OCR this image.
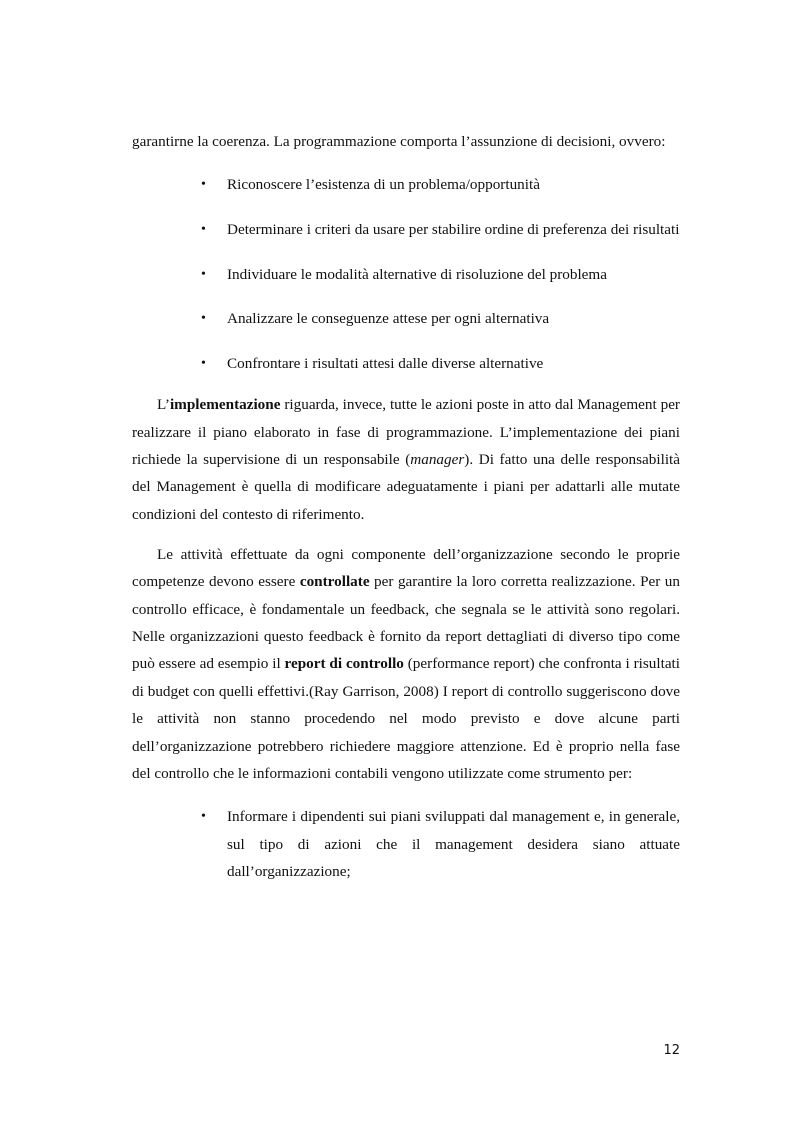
garantirne la coerenza. La programmazione comporta l’assunzione di decisioni, ovvero:

• Riconoscere l’esistenza di un problema/opportunità
• Determinare i criteri da usare per stabilire ordine di preferenza dei risultati
• Individuare le modalità alternative di risoluzione del problema
• Analizzare le conseguenze attese per ogni alternativa
• Confrontare i risultati attesi dalle diverse alternative

L’implementazione riguarda, invece, tutte le azioni poste in atto dal Management per realizzare il piano elaborato in fase di programmazione. L’implementazione dei piani richiede la supervisione di un responsabile (manager). Di fatto una delle responsabilità del Management è quella di modificare adeguatamente i piani per adattarli alle mutate condizioni del contesto di riferimento.

Le attività effettuate da ogni componente dell’organizzazione secondo le proprie competenze devono essere controllate per garantire la loro corretta realizzazione. Per un controllo efficace, è fondamentale un feedback, che segnala se le attività sono regolari. Nelle organizzazioni questo feedback è fornito da report dettagliati di diverso tipo come può essere ad esempio il report di controllo (performance report) che confronta i risultati di budget con quelli effettivi.(Ray Garrison, 2008) I report di controllo suggeriscono dove le attività non stanno procedendo nel modo previsto e dove alcune parti dell’organizzazione potrebbero richiedere maggiore attenzione. Ed è proprio nella fase del controllo che le informazioni contabili vengono utilizzate come strumento per:

• Informare i dipendenti sui piani sviluppati dal management e, in generale, sul tipo di azioni che il management desidera siano attuate dall’organizzazione;
12
